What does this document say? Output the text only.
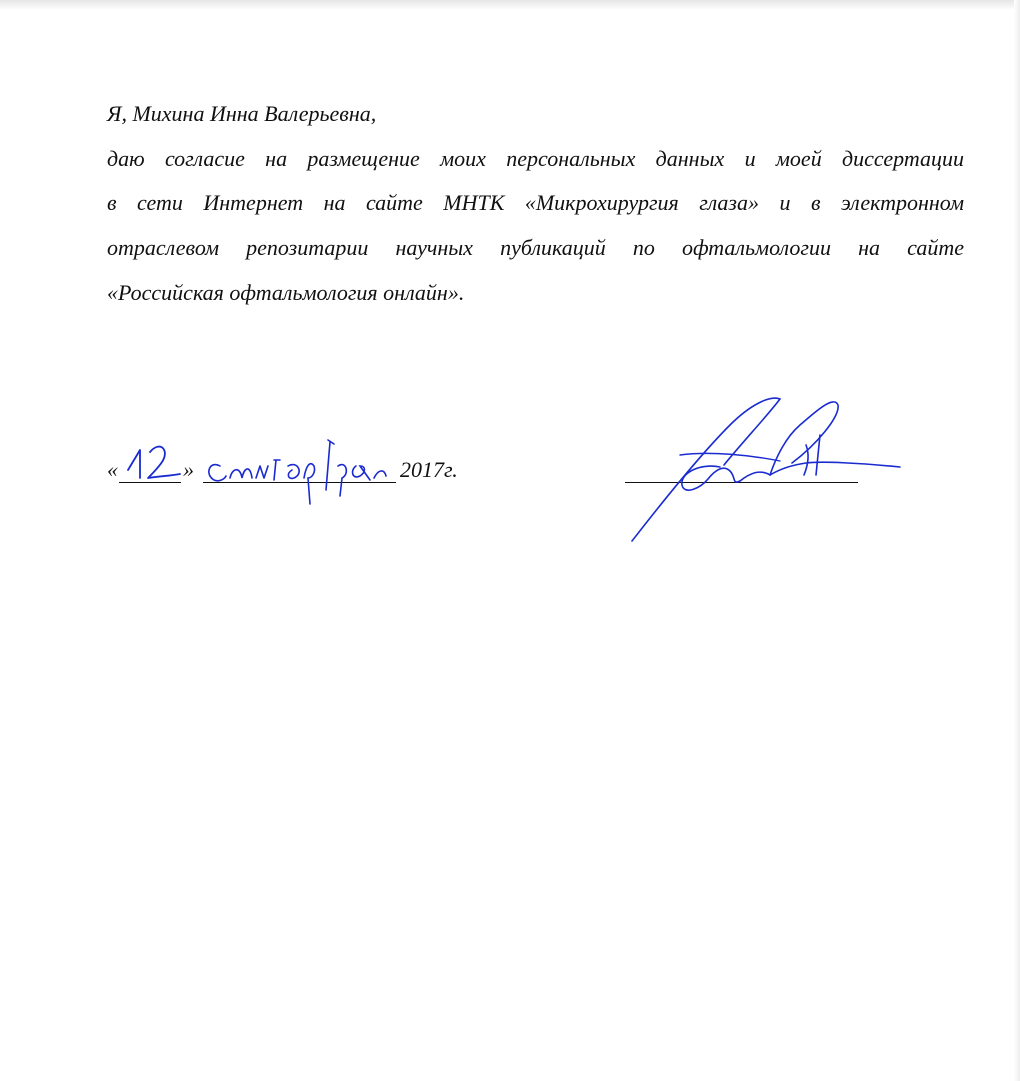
Я, Михина Инна Валерьевна,
даю согласие на размещение моих персональных данных и моей диссертации
в сети Интернет на сайте МНТК «Микрохирургия глаза» и в электронном
отраслевом репозитарии научных публикаций по офтальмологии на сайте
«Российская офтальмология онлайн».
«	»	2017г.
